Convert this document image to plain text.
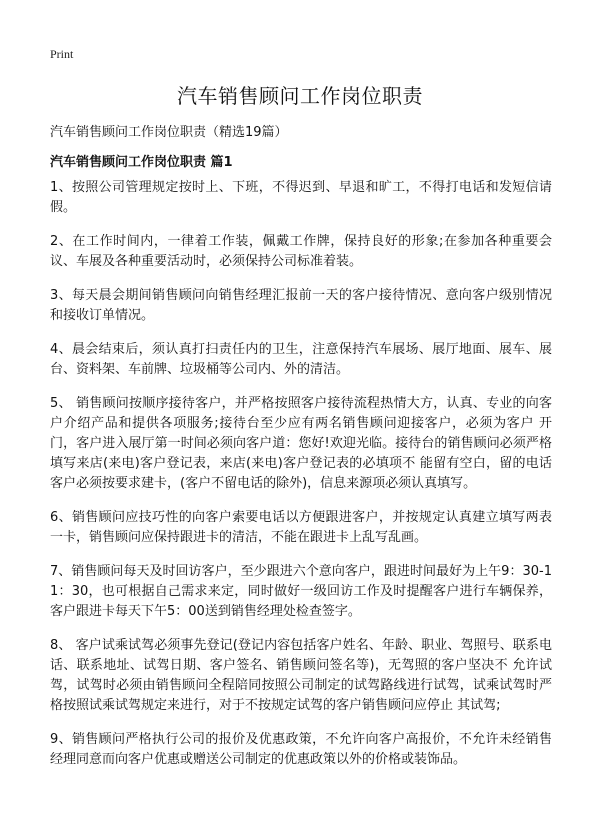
Print
汽车销售顾问工作岗位职责
汽车销售顾问工作岗位职责（精选19篇）
汽车销售顾问工作岗位职责 篇1

1、按照公司管理规定按时上、下班，不得迟到、早退和旷工，不得打电话和发短信请假。

2、在工作时间内，一律着工作装，佩戴工作牌，保持良好的形象;在参加各种重要会议、车展及各种重要活动时，必须保持公司标准着装。

3、每天晨会期间销售顾问向销售经理汇报前一天的客户接待情况、意向客户级别情况和接收订单情况。

4、晨会结束后，须认真打扫责任内的卫生，注意保持汽车展场、展厅地面、展车、展台、资料架、车前牌、垃圾桶等公司内、外的清洁。

5、 销售顾问按顺序接待客户，并严格按照客户接待流程热情大方，认真、专业的向客户介绍产品和提供各项服务;接待台至少应有两名销售顾问迎接客户，必须为客户 开门，客户进入展厅第一时间必须向客户道：您好!欢迎光临。接待台的销售顾问必须严格填写来店(来电)客户登记表，来店(来电)客户登记表的必填项不 能留有空白，留的电话客户必须按要求建卡，(客户不留电话的除外)，信息来源项必须认真填写。

6、销售顾问应技巧性的向客户索要电话以方便跟进客户，并按规定认真建立填写两表一卡，销售顾问应保持跟进卡的清洁，不能在跟进卡上乱写乱画。

7、销售顾问每天及时回访客户，至少跟进六个意向客户，跟进时间最好为上午9：30-11：30，也可根据自己需求来定，同时做好一级回访工作及时提醒客户进行车辆保养，客户跟进卡每天下午5：00送到销售经理处检查签字。

8、 客户试乘试驾必须事先登记(登记内容包括客户姓名、年龄、职业、驾照号、联系电话、联系地址、试驾日期、客户签名、销售顾问签名等)，无驾照的客户坚决不 允许试驾，试驾时必须由销售顾问全程陪同按照公司制定的试驾路线进行试驾，试乘试驾时严格按照试乘试驾规定来进行，对于不按规定试驾的客户销售顾问应停止 其试驾;

9、销售顾问严格执行公司的报价及优惠政策，不允许向客户高报价，不允许未经销售经理同意而向客户优惠或赠送公司制定的优惠政策以外的价格或装饰品。
